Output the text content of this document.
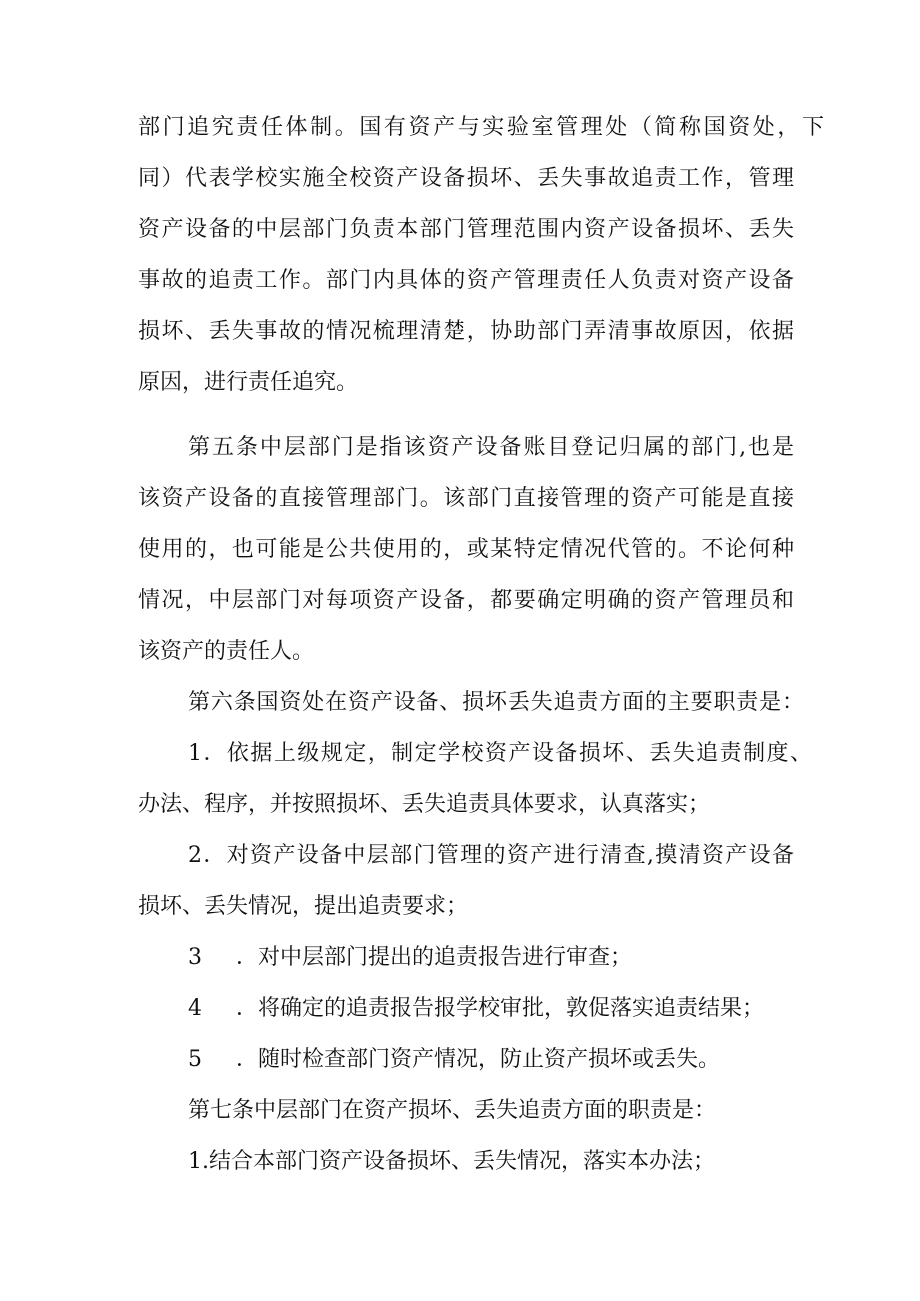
部门追究责任体制。国有资产与实验室管理处（简称国资处，下
同）代表学校实施全校资产设备损坏、丢失事故追责工作，管理
资产设备的中层部门负责本部门管理范围内资产设备损坏、丢失
事故的追责工作。部门内具体的资产管理责任人负责对资产设备
损坏、丢失事故的情况梳理清楚，协助部门弄清事故原因，依据
原因，进行责任追究。
第五条中层部门是指该资产设备账目登记归属的部门,也是
该资产设备的直接管理部门。该部门直接管理的资产可能是直接
使用的，也可能是公共使用的，或某特定情况代管的。不论何种
情况，中层部门对每项资产设备，都要确定明确的资产管理员和
该资产的责任人。
第六条国资处在资产设备、损坏丢失追责方面的主要职责是：
1．依据上级规定，制定学校资产设备损坏、丢失追责制度、
办法、程序，并按照损坏、丢失追责具体要求，认真落实；
2．对资产设备中层部门管理的资产进行清查,摸清资产设备
损坏、丢失情况，提出追责要求；
3 ．对中层部门提出的追责报告进行审查；
4 ．将确定的追责报告报学校审批，敦促落实追责结果；
5 ．随时检查部门资产情况，防止资产损坏或丢失。
第七条中层部门在资产损坏、丢失追责方面的职责是：
1.结合本部门资产设备损坏、丢失情况，落实本办法；
